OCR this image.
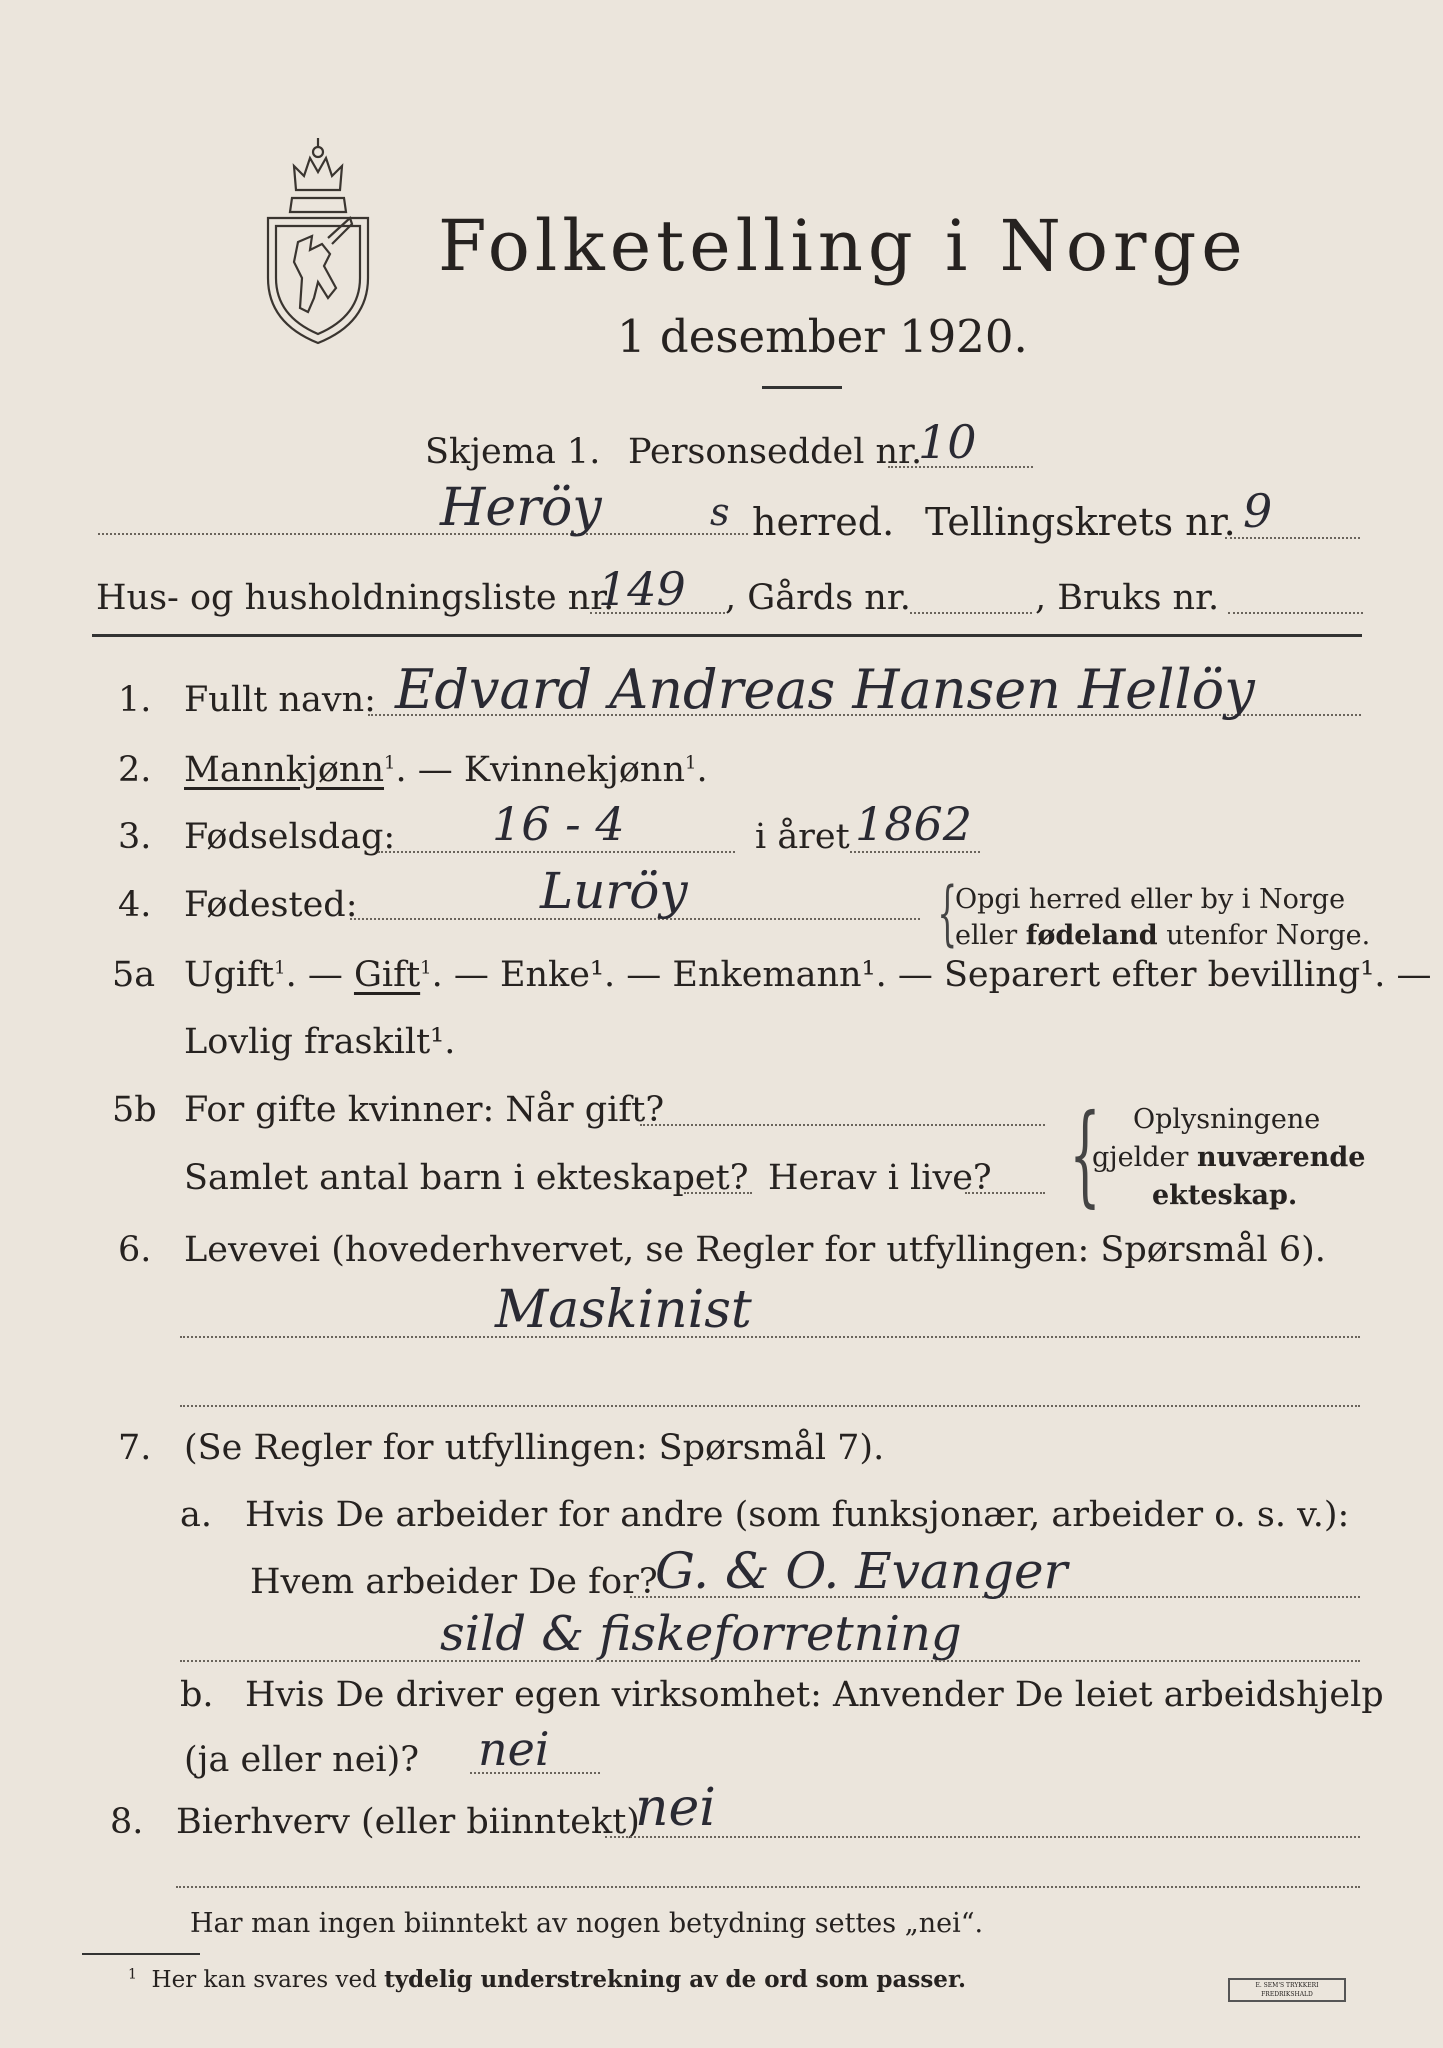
Folketelling i Norge
1 desember 1920.
Skjema 1. Personseddel nr.
10
Heröy	s herred. Tellingskrets nr. 9
Hus- og husholdningsliste nr.
149 , Gårds nr.	, Bruks nr.
1. Fullt navn: Edvard Andreas Hansen Hellöy
2. Mannkjønn$^1$. — Kvinnekjønn$^1$.
3. Fødselsdag: 16 - 4	i året 1862
4. Fødested:	Luröy	{
Opgi herred eller by i Norge
eller fødeland utenfor Norge.
5a Ugift$^1$. — Gift$^1$. — Enke¹. — Enkemann¹. — Separert efter bevilling¹. —
Lovlig fraskilt¹.
5b For gifte kvinner: Når gift?
Samlet antal barn i ekteskapet? Herav i live? { Oplysningene
gjelder nuværende
ekteskap.
6. Levevei (hovederhvervet, se Regler for utfyllingen: Spørsmål 6).
Maskinist
7. (Se Regler for utfyllingen: Spørsmål 7).
a. Hvis De arbeider for andre (som funksjonær, arbeider o. s. v.):
Hvem arbeider De for?
G. & O. Evanger
sild & fiskeforretning
b. Hvis De driver egen virksomhet: Anvender De leiet arbeidshjelp
(ja eller nei)? nei
8. Bierhverv (eller biinntekt)
nei
Har man ingen biinntekt av nogen betydning settes „nei“.
$^1$ Her kan svares ved tydelig understrekning av de ord som passer.	E. SEM'S TRYKKERI FREDRIKSHALD
